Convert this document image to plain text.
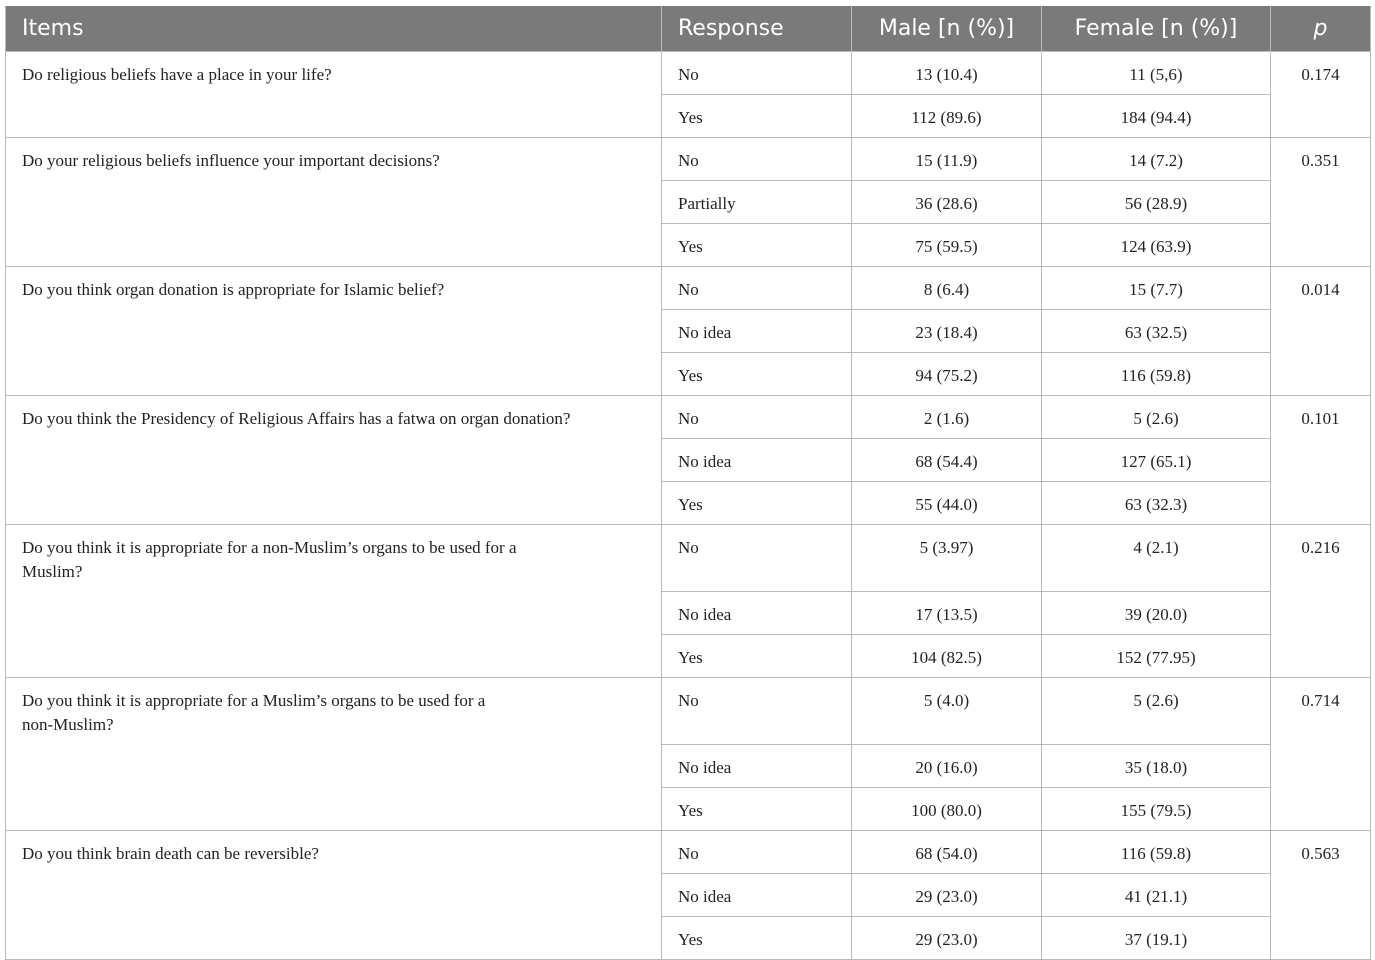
Items	Response	Male [n (%)]	Female [n (%)]	p

Do religious beliefs have a place in your life?	No	13 (10.4)	11 (5,6)	0.174

	Yes	112 (89.6)	184 (94.4)	

Do your religious beliefs influence your important decisions?	No	15 (11.9)	14 (7.2)	0.351

	Partially	36 (28.6)	56 (28.9)	

	Yes	75 (59.5)	124 (63.9)	

Do you think organ donation is appropriate for Islamic belief?	No	8 (6.4)	15 (7.7)	0.014

	No idea	23 (18.4)	63 (32.5)	

	Yes	94 (75.2)	116 (59.8)	

Do you think the Presidency of Religious Affairs has a fatwa on organ donation?	No	2 (1.6)	5 (2.6)	0.101

	No idea	68 (54.4)	127 (65.1)	

	Yes	55 (44.0)	63 (32.3)	

Do you think it is appropriate for a non-Muslim’s organs to be used for a
Muslim?	No	5 (3.97)	4 (2.1)	0.216

	No idea	17 (13.5)	39 (20.0)	

	Yes	104 (82.5)	152 (77.95)	

Do you think it is appropriate for a Muslim’s organs to be used for a
non-Muslim?	No	5 (4.0)	5 (2.6)	0.714

	No idea	20 (16.0)	35 (18.0)	

	Yes	100 (80.0)	155 (79.5)	

Do you think brain death can be reversible?	No	68 (54.0)	116 (59.8)	0.563

	No idea	29 (23.0)	41 (21.1)	

	Yes	29 (23.0)	37 (19.1)	
